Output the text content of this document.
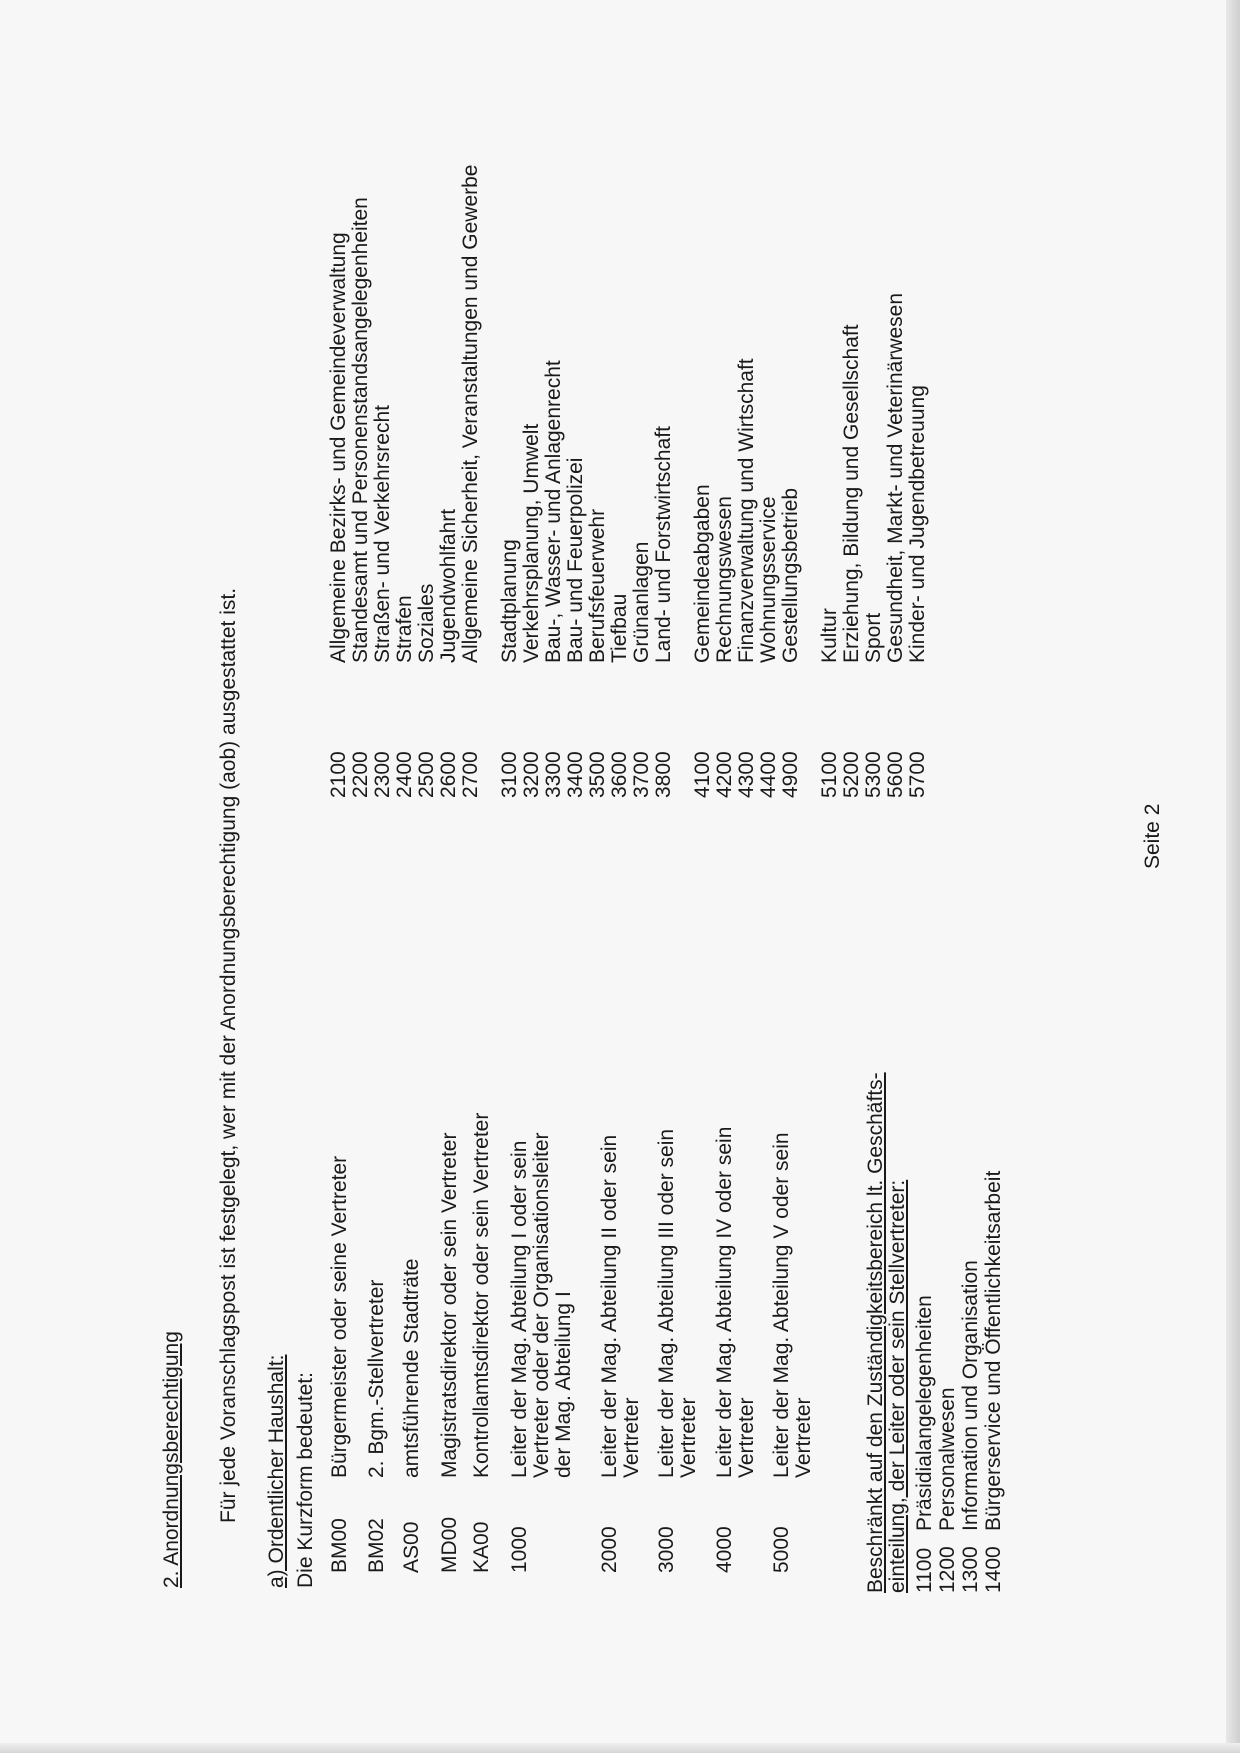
2. Anordnungsberechtigung Für jede Voranschlagspost ist festgelegt, wer mit der Anordnungsberechtigung (aob) ausgestattet ist. a) Ordentlicher Haushalt: Die Kurzform bedeutet: BM00
Bürgermeister oder seine Vertreter
BM02
2. Bgm.-Stellvertreter
AS00
amtsführende Stadträte
MD00
Magistratsdirektor oder sein Vertreter
KA00
Kontrollamtsdirektor oder sein Vertreter
1000
Leiter der Mag. Abteilung I oder sein Vertreter oder der Organisationsleiter der Mag. Abteilung I
2000
Leiter der Mag. Abteilung II oder sein Vertreter
3000
Leiter der Mag. Abteilung III oder sein Vertreter
4000
Leiter der Mag. Abteilung IV oder sein Vertreter
5000
Leiter der Mag. Abteilung V oder sein Vertreter Beschränkt auf den Zuständigkeitsbereich lt. Geschäfts- einteilung, der Leiter oder sein Stellvertreter: 1100
Präsidialangelegenheiten
1200
Personalwesen
1300
Information und Organisation
1400
Bürgerservice und Öffentlichkeitsarbeit
2100
Allgemeine Bezirks- und Gemeindeverwaltung
2200
Standesamt und Personenstandsangelegenheiten
2300
Straßen- und Verkehrsrecht
2400
Strafen
2500
Soziales
2600
Jugendwohlfahrt
2700
Allgemeine Sicherheit, Veranstaltungen und Gewerbe
3100
Stadtplanung
3200
Verkehrsplanung, Umwelt
3300
Bau-, Wasser- und Anlagenrecht
3400
Bau- und Feuerpolizei
3500
Berufsfeuerwehr
3600
Tiefbau
3700
Grünanlagen
3800
Land- und Forstwirtschaft
4100
Gemeindeabgaben
4200
Rechnungswesen
4300
Finanzverwaltung und Wirtschaft
4400
Wohnungsservice
4900
Gestellungsbetrieb
5100
Kultur
5200
Erziehung, Bildung und Gesellschaft
5300
Sport
5600
Gesundheit, Markt- und Veterinärwesen
5700
Kinder- und Jugendbetreuung
Seite 2
